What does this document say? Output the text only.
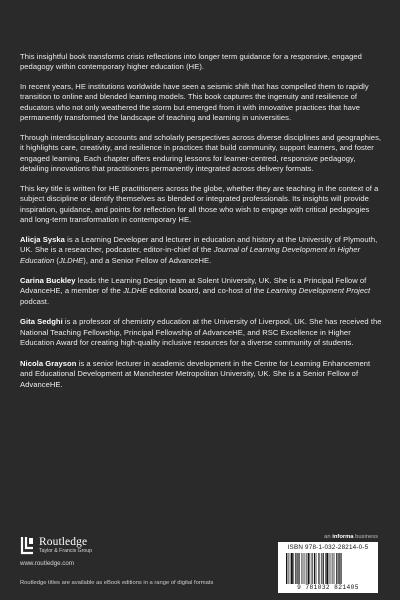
This insightful book transforms crisis reflections into longer term guidance for a responsive, engaged pedagogy within contemporary higher education (HE).

In recent years, HE institutions worldwide have seen a seismic shift that has compelled them to rapidly transition to online and blended learning models. This book captures the ingenuity and resilience of educators who not only weathered the storm but emerged from it with innovative practices that have permanently transformed the landscape of teaching and learning in universities.

Through interdisciplinary accounts and scholarly perspectives across diverse disciplines and geographies, it highlights care, creativity, and resilience in practices that build community, support learners, and foster engaged learning. Each chapter offers enduring lessons for learner-centred, responsive pedagogy, detailing innovations that practitioners permanently integrated across delivery formats.

This key title is written for HE practitioners across the globe, whether they are teaching in the context of a subject discipline or identify themselves as blended or integrated professionals. Its insights will provide inspiration, guidance, and points for reflection for all those who wish to engage with critical pedagogies and long-term transformation in contemporary HE.

Alicja Syska is a Learning Developer and lecturer in education and history at the University of Plymouth, UK. She is a researcher, podcaster, editor-in-chief of the Journal of Learning Development in Higher Education (JLDHE), and a Senior Fellow of AdvanceHE.

Carina Buckley leads the Learning Design team at Solent University, UK. She is a Principal Fellow of AdvanceHE, a member of the JLDHE editorial board, and co-host of the Learning Development Project podcast.

Gita Sedghi is a professor of chemistry education at the University of Liverpool, UK. She has received the National Teaching Fellowship, Principal Fellowship of AdvanceHE, and RSC Excellence in Higher Education Award for creating high-quality inclusive resources for a diverse community of students.

Nicola Grayson is a senior lecturer in academic development in the Centre for Learning Enhancement and Educational Development at Manchester Metropolitan University, UK. She is a Senior Fellow of AdvanceHE.

Routledge
Taylor & Francis Group
www.routledge.com
Routledge titles are available as eBook editions in a range of digital formats
an informa business
ISBN 978-1-032-28214-0-5
9 781032 821405
